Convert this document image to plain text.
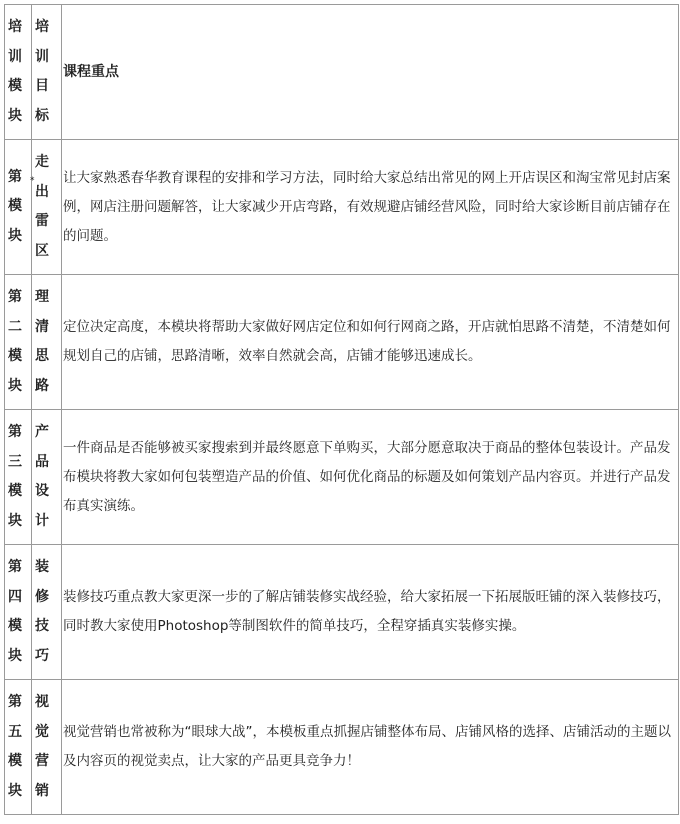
培训模块	培训目标	课程重点
第模块	走出雷区	让大家熟悉春华教育课程的安排和学习方法，同时给大家总结出常见的网上开店误区和淘宝常见封店案例，网店注册问题解答，让大家减少开店弯路，有效规避店铺经营风险，同时给大家诊断目前店铺存在的问题。
第二模块	理清思路	定位决定高度，本模块将帮助大家做好网店定位和如何行网商之路，开店就怕思路不清楚，不清楚如何规划自己的店铺，思路清晰，效率自然就会高，店铺才能够迅速成长。
第三模块	产品设计	一件商品是否能够被买家搜索到并最终愿意下单购买，大部分愿意取决于商品的整体包装设计。产品发布模块将教大家如何包装塑造产品的价值、如何优化商品的标题及如何策划产品内容页。并进行产品发布真实演练。
第四模块	装修技巧	装修技巧重点教大家更深一步的了解店铺装修实战经验，给大家拓展一下拓展版旺铺的深入装修技巧，同时教大家使用Photoshop等制图软件的简单技巧，全程穿插真实装修实操。
第五模块	视觉营销	视觉营销也常被称为“眼球大战”，本模板重点抓握店铺整体布局、店铺风格的选择、店铺活动的主题以及内容页的视觉卖点，让大家的产品更具竞争力！
*
